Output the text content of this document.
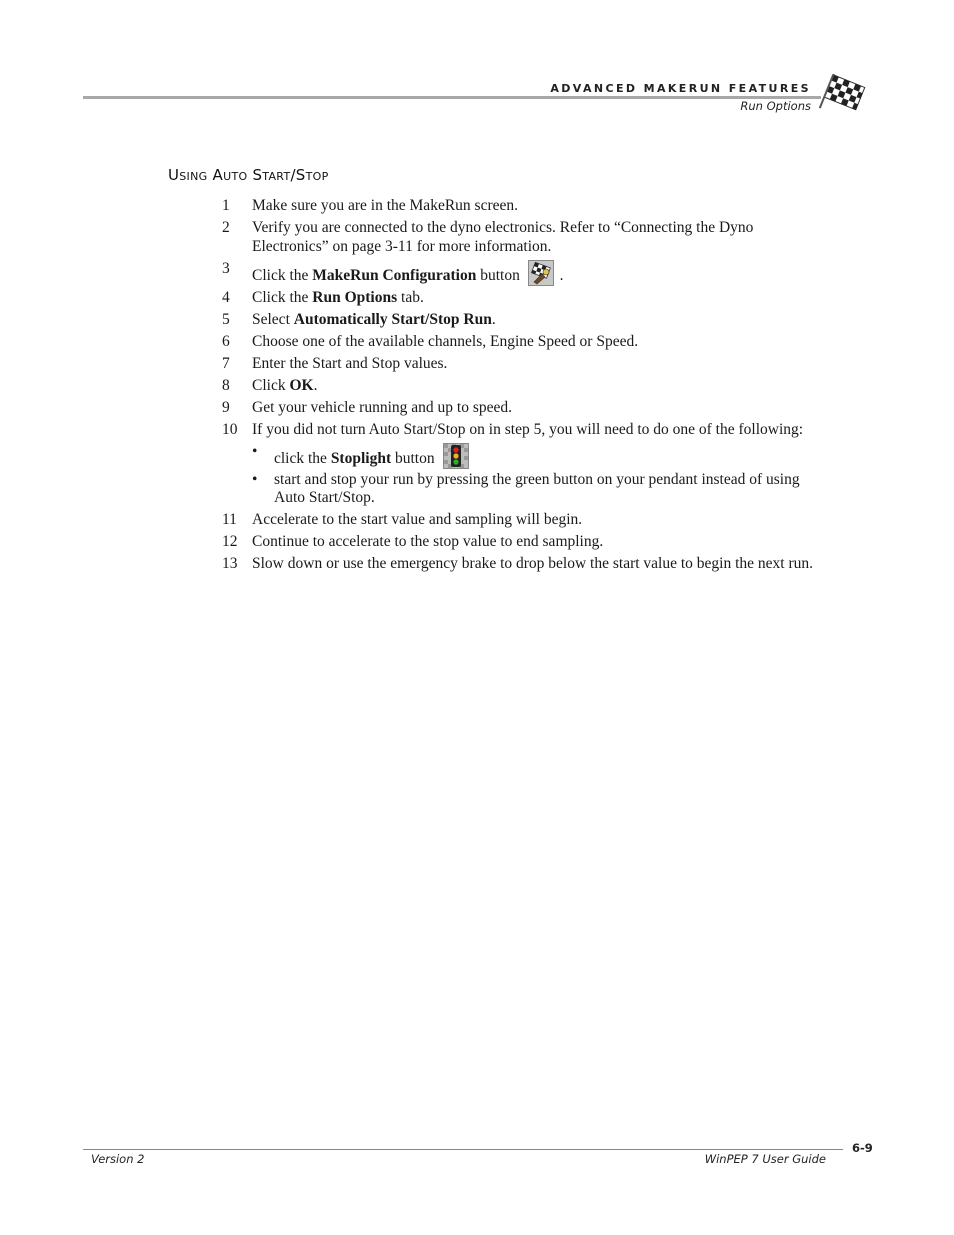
ADVANCED MAKERUN FEATURES
Run Options
Using Auto Start/Stop
1	Make sure you are in the MakeRun screen.
2	Verify you are connected to the dyno electronics. Refer to “Connecting the Dyno Electronics” on page 3-11 for more information.
3	Click the MakeRun Configuration button  .
4	Click the Run Options tab.
5	Select Automatically Start/Stop Run.
6	Choose one of the available channels, Engine Speed or Speed.
7	Enter the Start and Stop values.
8	Click OK.
9	Get your vehicle running and up to speed.
10 If you did not turn Auto Start/Stop on in step 5, you will need to do one of the following:
• click the Stoplight button
• start and stop your run by pressing the green button on your pendant instead of using Auto Start/Stop.
11 Accelerate to the start value and sampling will begin.
12 Continue to accelerate to the stop value to end sampling.
13 Slow down or use the emergency brake to drop below the start value to begin the next run.
6-9
Version 2	WinPEP 7 User Guide
